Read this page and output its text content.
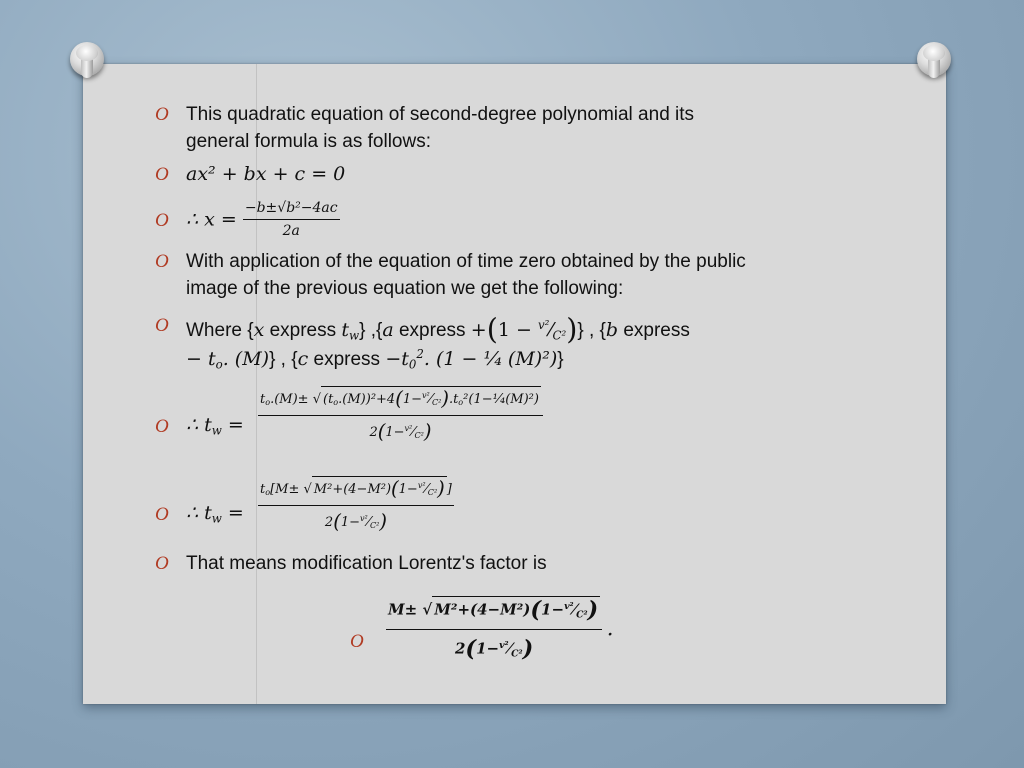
O This quadratic equation of second-degree polynomial and its
general formula is as follows:
O ax² + bx + c = 0
O ∴ $x = \frac{\text{−b±√b²−4ac}}{2a}$
O With application of the equation of time zero obtained by the public
image of the previous equation we get the following:
O Where {x express $t_w$} ,{a express $+(1 - ^{v^2}⁄_{C^2})$} , {b express
− $t_o$. (M)} , {c express $-t_0^2$. (1 − ¹⁄₄ (M)²)}
O ∴ $t_w = \frac{t_o.(M)\pm √ (t_o.(M))^2+4(1-^{v^2}⁄_{C^2}).t_o^2(1-^1⁄_4(M)^2)}{2(1-^{v^2}⁄_{C^2})}$
O ∴ $t_w = \frac{t_o[M\pm √ M^2+(4-M^2)(1-^{v^2}⁄_{C^2}) ]}{2(1-^{v^2}⁄_{C^2})}$
O That means modification Lorentz's factor is
O $\frac{M\pm √ M^2+(4-M^2)(1-^{v^2}⁄_{C^2})}{2(1-^{v^2}⁄_{C^2})}$ .
